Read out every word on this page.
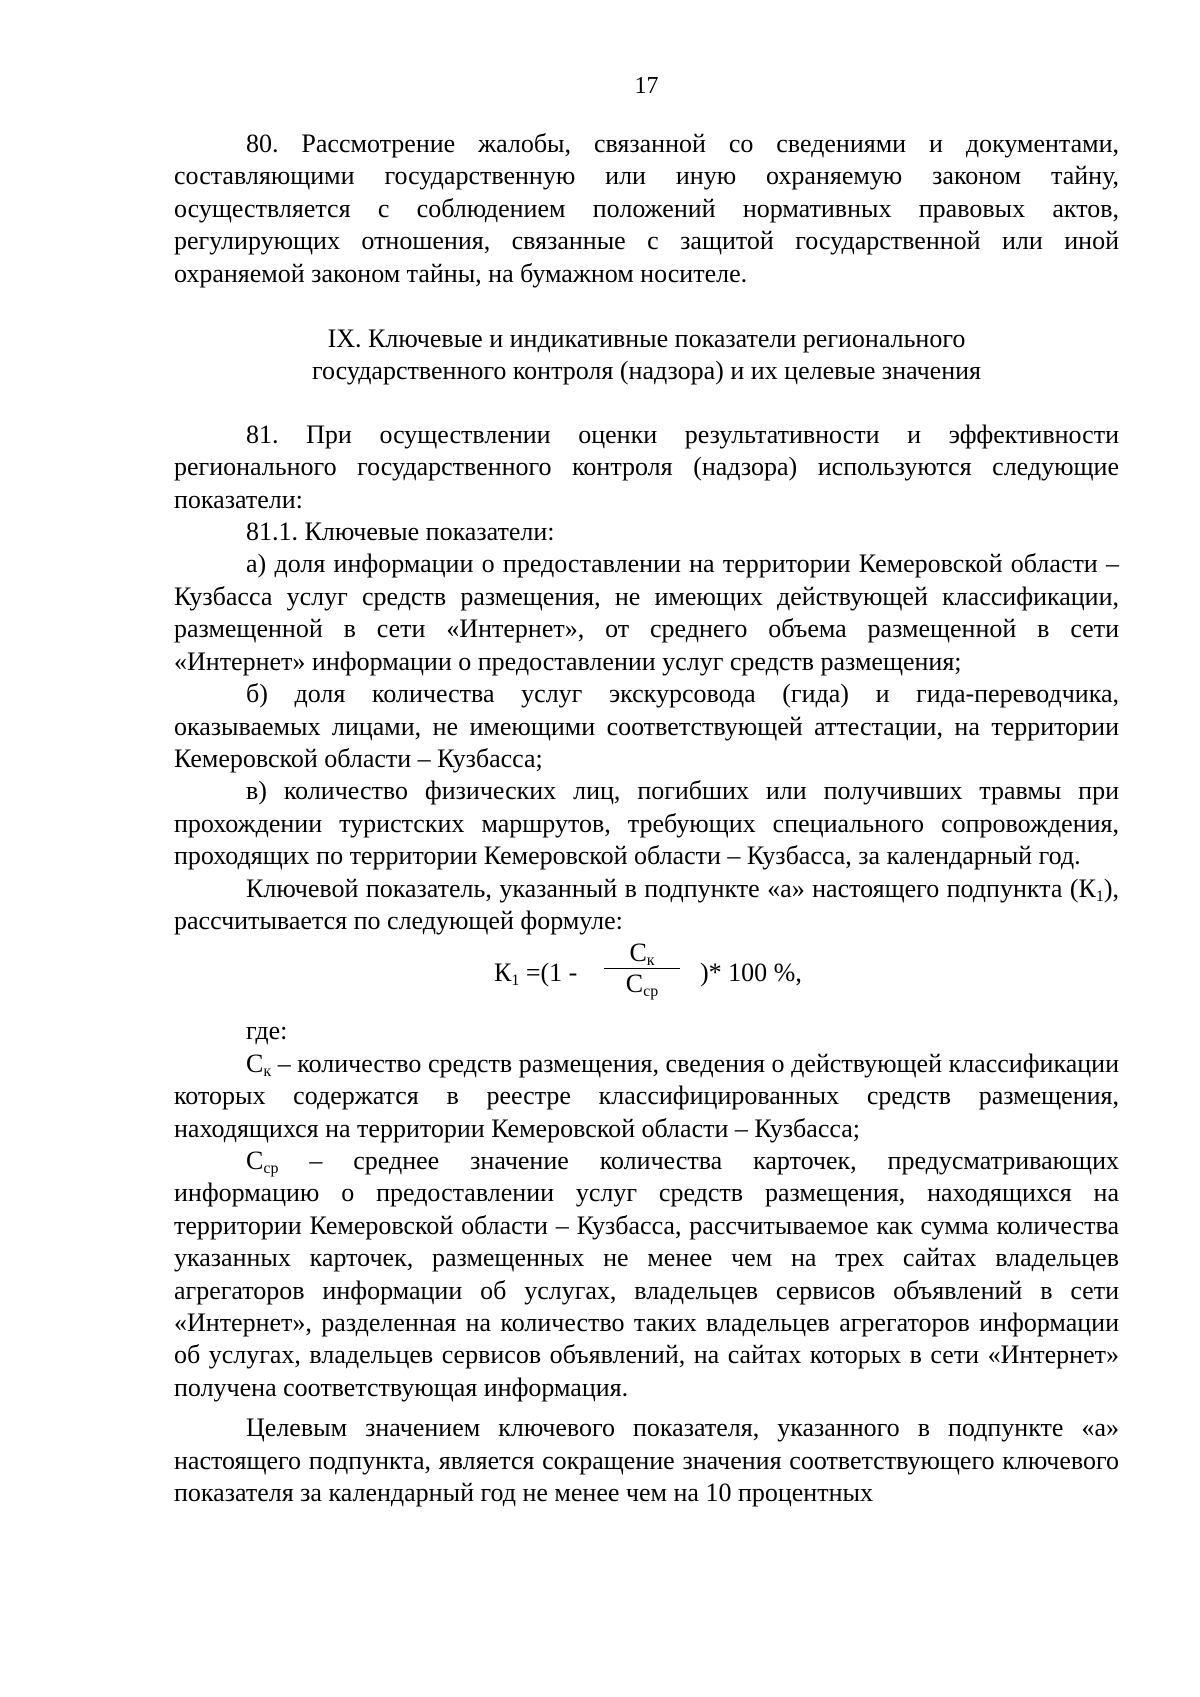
17

80. Рассмотрение жалобы, связанной со сведениями и документами, составляющими государственную или иную охраняемую законом тайну, осуществляется с соблюдением положений нормативных правовых актов, регулирующих отношения, связанные с защитой государственной или иной охраняемой законом тайны, на бумажном носителе.

IX. Ключевые и индикативные показатели регионального
государственного контроля (надзора) и их целевые значения

81. При осуществлении оценки результативности и эффективности регионального государственного контроля (надзора) используются следующие показатели:

81.1. Ключевые показатели:

а) доля информации о предоставлении на территории Кемеровской области – Кузбасса услуг средств размещения, не имеющих действующей классификации, размещенной в сети «Интернет», от среднего объема размещенной в сети «Интернет» информации о предоставлении услуг средств размещения;

б) доля количества услуг экскурсовода (гида) и гида-переводчика, оказываемых лицами, не имеющими соответствующей аттестации, на территории Кемеровской области – Кузбасса;

в) количество физических лиц, погибших или получивших травмы при прохождении туристских маршрутов, требующих специального сопровождения, проходящих по территории Кемеровской области – Кузбасса, за календарный год.

Ключевой показатель, указанный в подпункте «а» настоящего подпункта $(К_1)$, рассчитывается по следующей формуле:

$К_1 =(1$ -
$С_к$
$С_{ср}$
)* 100 %,

где:

$С_к$ – количество средств размещения, сведения о действующей классификации которых содержатся в реестре классифицированных средств размещения, находящихся на территории Кемеровской области – Кузбасса;

$С_{ср}$ – среднее значение количества карточек, предусматривающих информацию о предоставлении услуг средств размещения, находящихся на территории Кемеровской области – Кузбасса, рассчитываемое как сумма количества указанных карточек, размещенных не менее чем на трех сайтах владельцев агрегаторов информации об услугах, владельцев сервисов объявлений в сети «Интернет», разделенная на количество таких владельцев агрегаторов информации об услугах, владельцев сервисов объявлений, на сайтах которых в сети «Интернет» получена соответствующая информация.

Целевым значением ключевого показателя, указанного в подпункте «а» настоящего подпункта, является сокращение значения соответствующего ключевого показателя за календарный год не менее чем на 10 процентных
